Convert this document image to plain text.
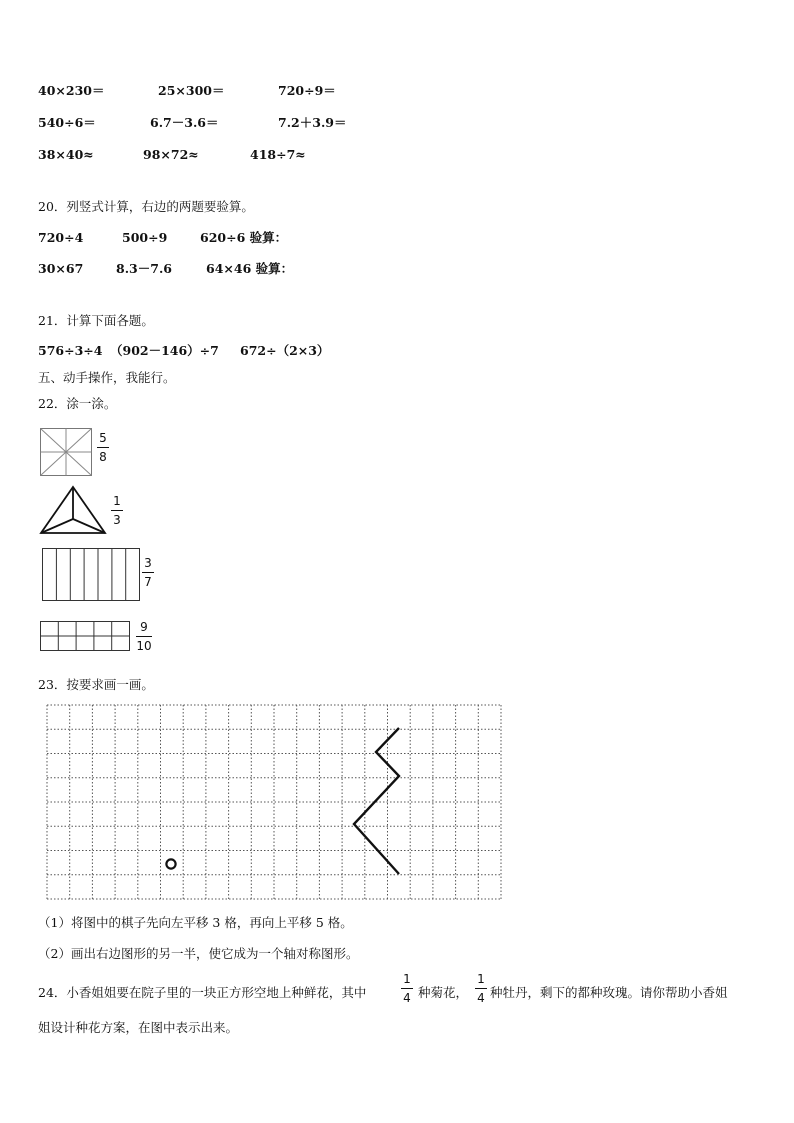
40×230＝	25×300＝	720÷9＝
540÷6＝	6.7－3.6＝	7.2＋3.9＝
38×40≈	98×72≈	418÷7≈
20．列竖式计算，右边的两题要验算。
720÷4	500÷9	620÷6 验算：
30×67	8.3－7.6	64×46 验算：
21．计算下面各题。
576÷3÷4 （902－146）÷7 672÷（2×3）
五、动手操作，我能行。
22．涂一涂。
5
8
1
3
3
7
9
10
23．按要求画一画。
（1）将图中的棋子先向左平移 3 格，再向上平移 5 格。
（2）画出右边图形的另一半，使它成为一个轴对称图形。
24．小香姐姐要在院子里的一块正方形空地上种鲜花，其中
1
4 种菊花，
1
4 种牡丹，剩下的都种玫瑰。请你帮助小香姐
姐设计种花方案，在图中表示出来。
